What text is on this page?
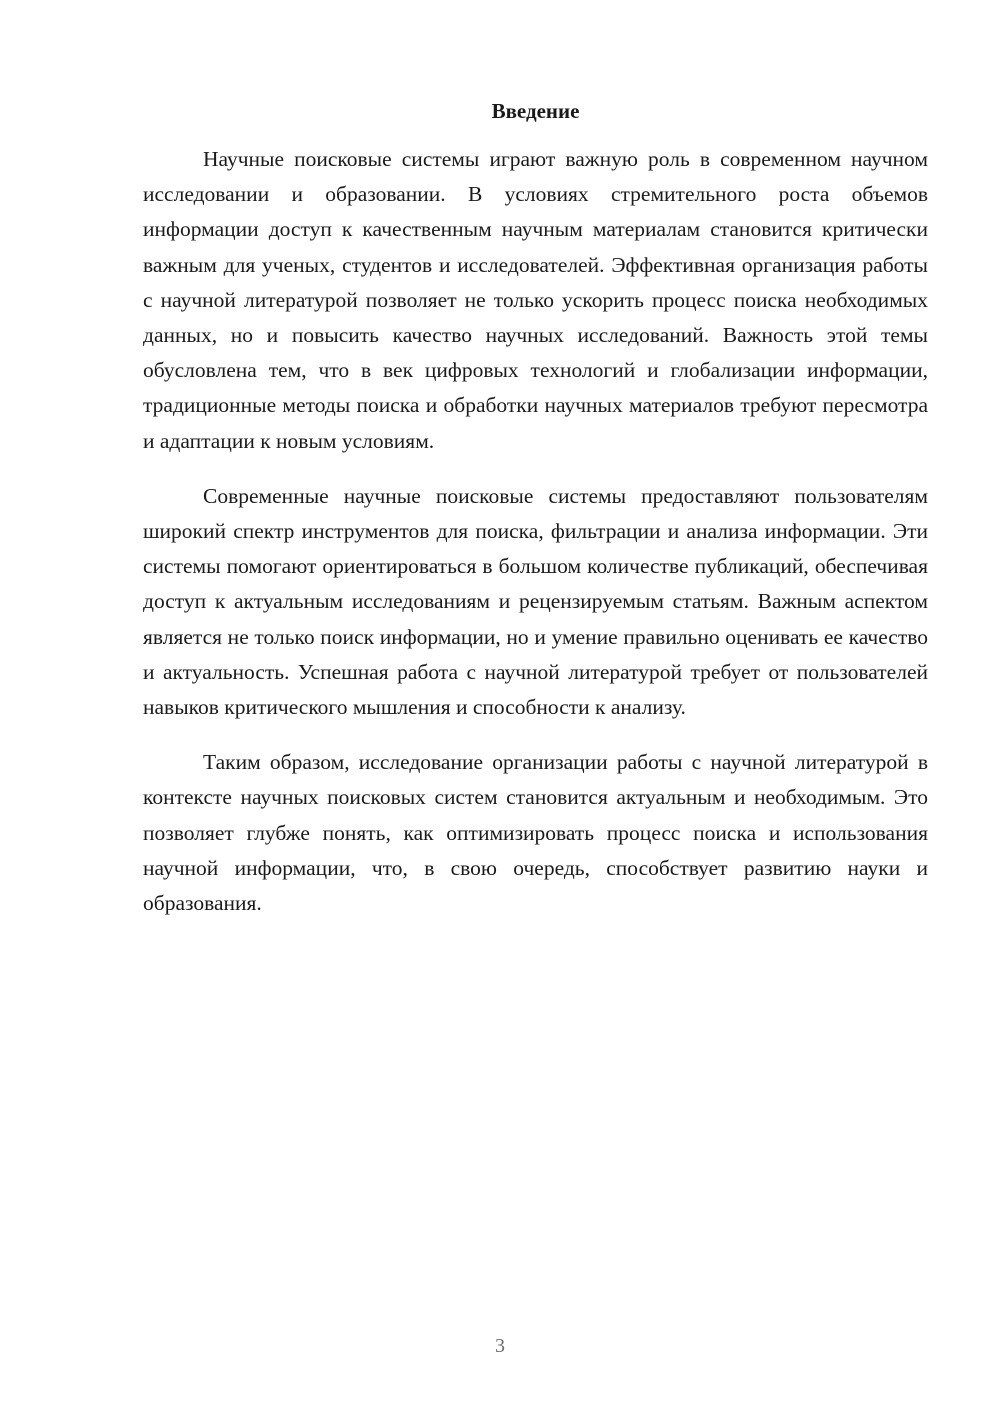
Введение

Научные поисковые системы играют важную роль в современном научном исследовании и образовании. В условиях стремительного роста объемов информации доступ к качественным научным материалам становится критически важным для ученых, студентов и исследователей. Эффективная организация работы с научной литературой позволяет не только ускорить процесс поиска необходимых данных, но и повысить качество научных исследований. Важность этой темы обусловлена тем, что в век цифровых технологий и глобализации информации, традиционные методы поиска и обработки научных материалов требуют пересмотра и адаптации к новым условиям.

Современные научные поисковые системы предоставляют пользователям широкий спектр инструментов для поиска, фильтрации и анализа информации. Эти системы помогают ориентироваться в большом количестве публикаций, обеспечивая доступ к актуальным исследованиям и рецензируемым статьям. Важным аспектом является не только поиск информации, но и умение правильно оценивать ее качество и актуальность. Успешная работа с научной литературой требует от пользователей навыков критического мышления и способности к анализу.

Таким образом, исследование организации работы с научной литературой в контексте научных поисковых систем становится актуальным и необходимым. Это позволяет глубже понять, как оптимизировать процесс поиска и использования научной информации, что, в свою очередь, способствует развитию науки и образования.

3
